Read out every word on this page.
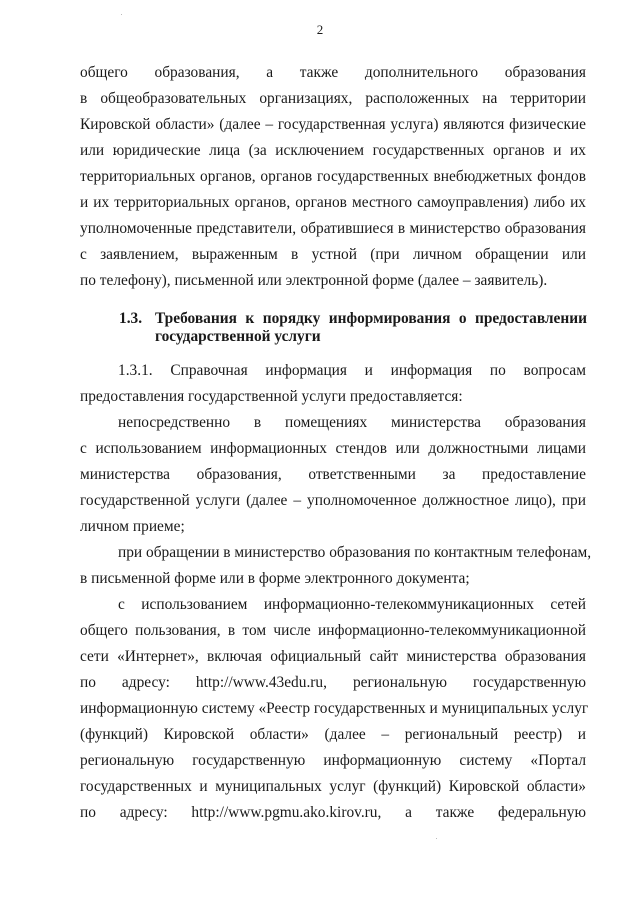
2
общего образования, а также дополнительного образования
в общеобразовательных организациях, расположенных на территории
Кировской области» (далее – государственная услуга) являются физические
или юридические лица (за исключением государственных органов и их
территориальных органов, органов государственных внебюджетных фондов
и их территориальных органов, органов местного самоуправления) либо их
уполномоченные представители, обратившиеся в министерство образования
с заявлением, выраженным в устной (при личном обращении или
по телефону), письменной или электронной форме (далее – заявитель).
1.3. Требования к порядку информирования о предоставлении
государственной услуги
1.3.1. Справочная информация и информация по вопросам
предоставления государственной услуги предоставляется:
непосредственно в помещениях министерства образования
с использованием информационных стендов или должностными лицами
министерства образования, ответственными за предоставление
государственной услуги (далее – уполномоченное должностное лицо), при
личном приеме;
при обращении в министерство образования по контактным телефонам,
в письменной форме или в форме электронного документа;
с использованием информационно-телекоммуникационных сетей
общего пользования, в том числе информационно-телекоммуникационной
сети «Интернет», включая официальный сайт министерства образования
по адресу: http://www.43edu.ru, региональную государственную
информационную систему «Реестр государственных и муниципальных услуг
(функций) Кировской области» (далее – региональный реестр) и
региональную государственную информационную систему «Портал
государственных и муниципальных услуг (функций) Кировской области»
по адресу: http://www.pgmu.ako.kirov.ru, а также федеральную
